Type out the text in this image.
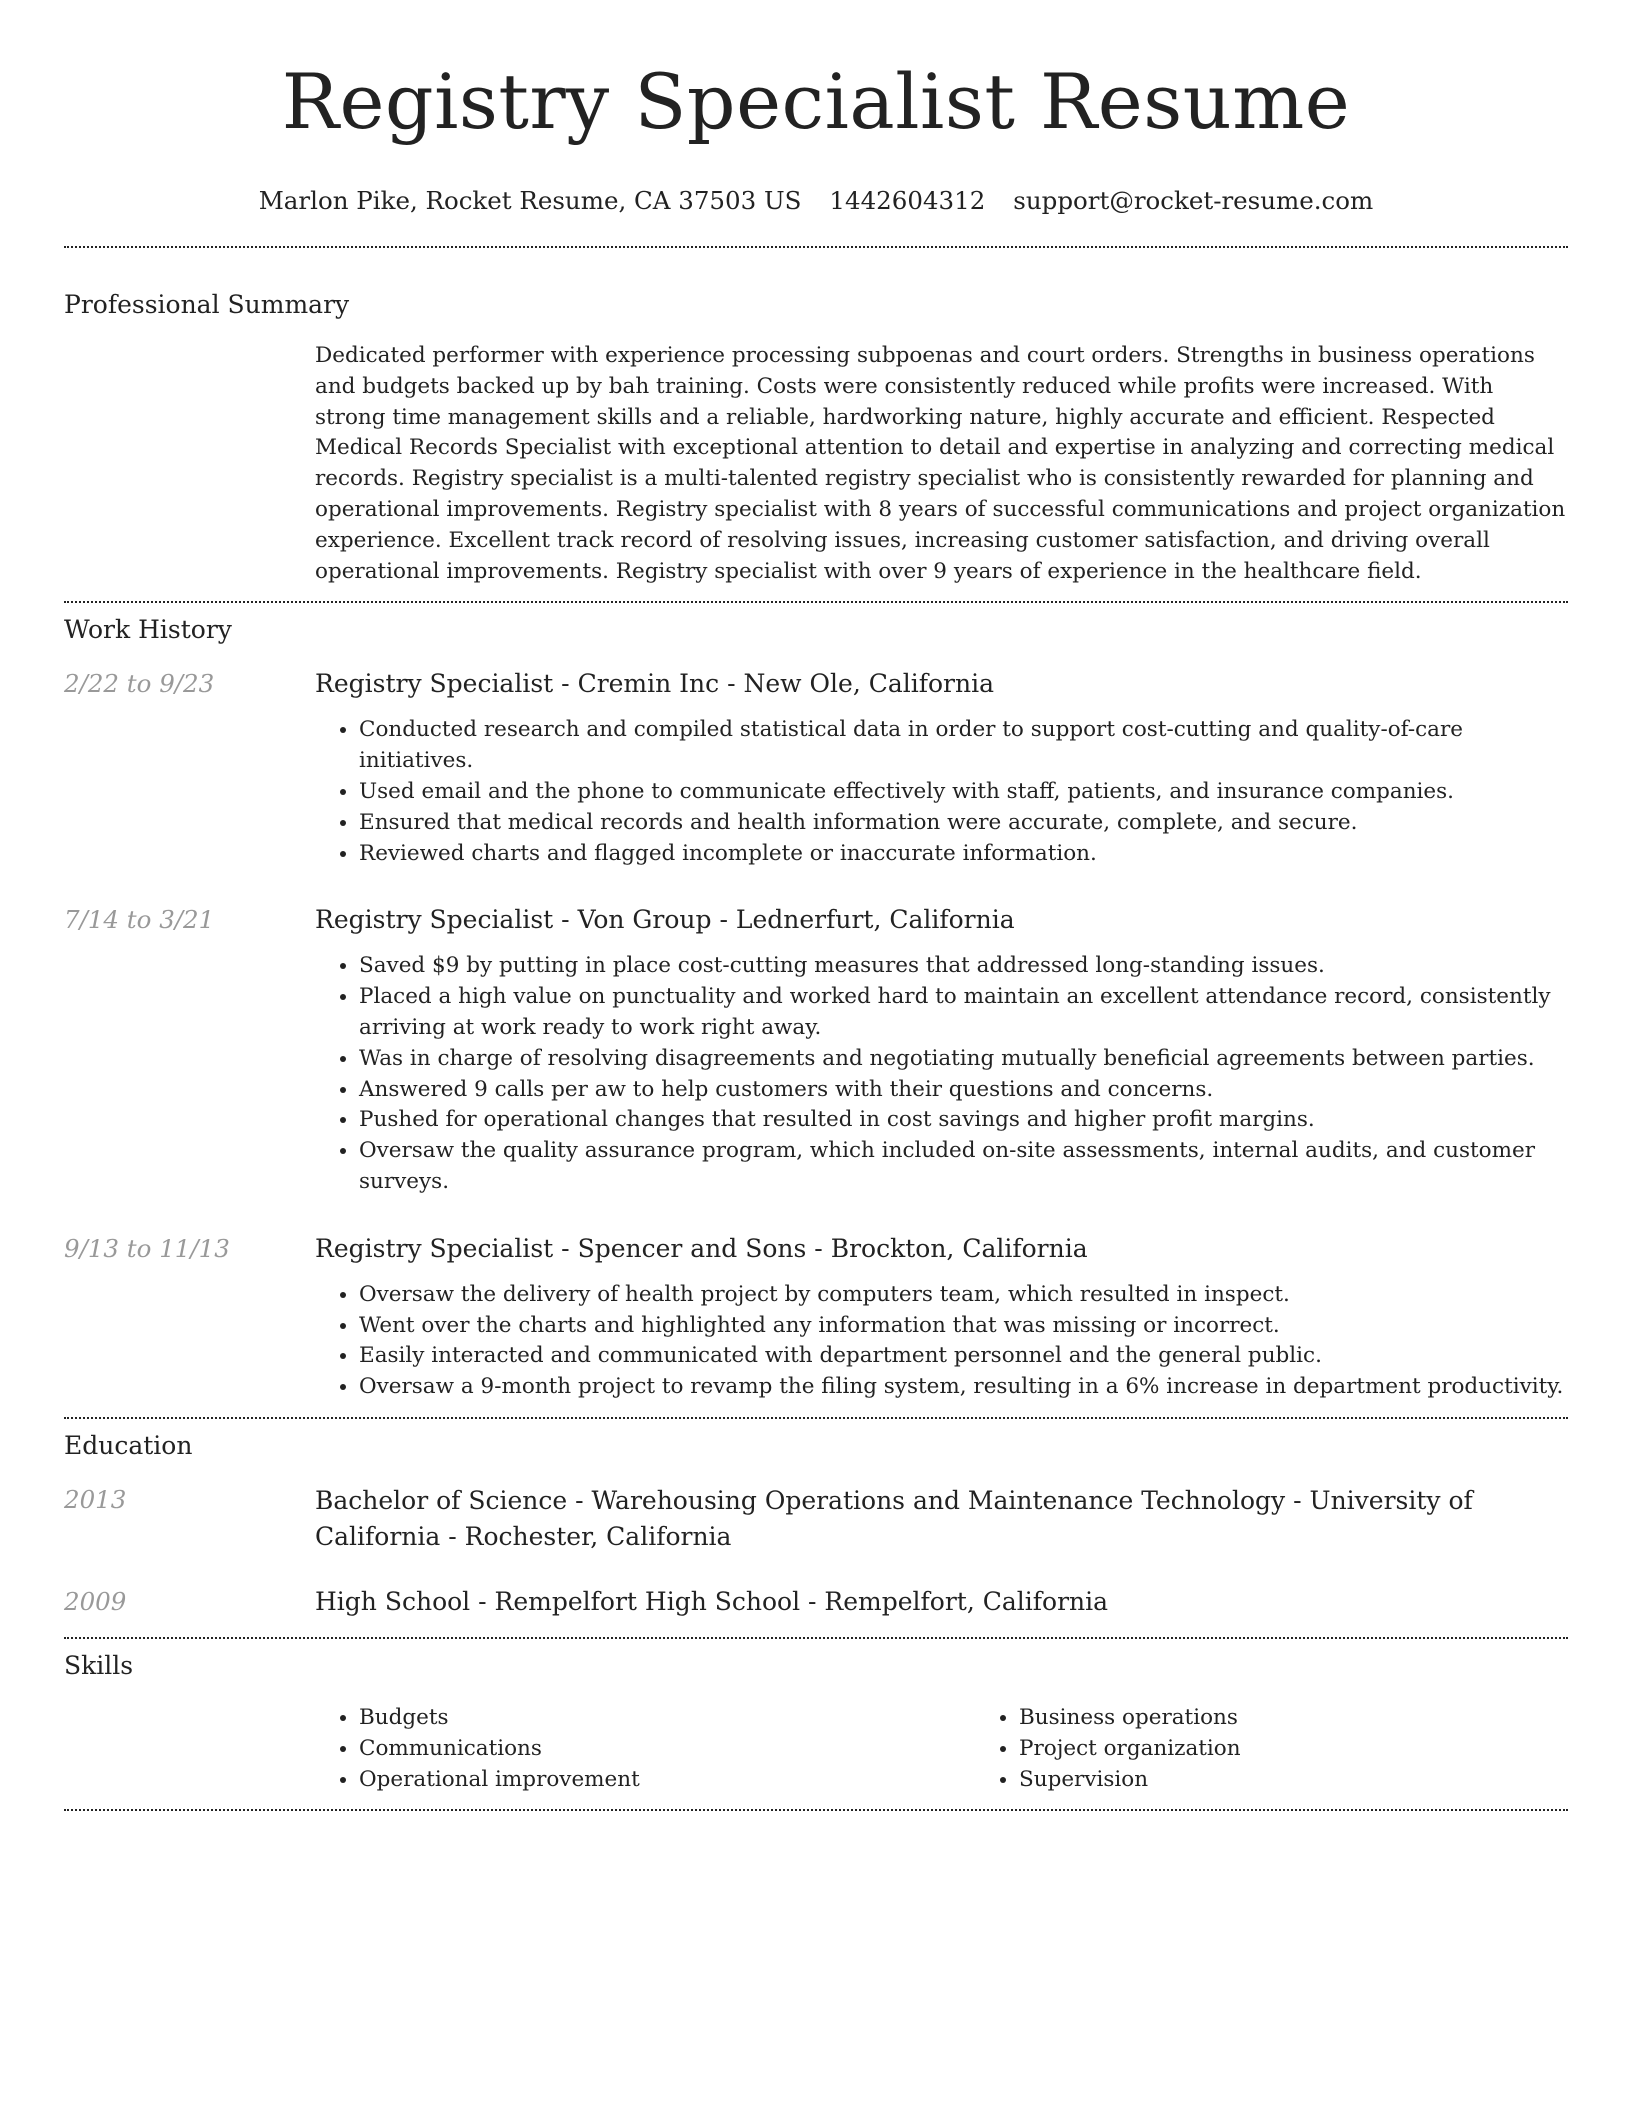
Registry Specialist Resume
Marlon Pike, Rocket Resume, CA 37503 US 1442604312 support@rocket-resume.com
Professional Summary

Dedicated performer with experience processing subpoenas and court orders. Strengths in business operations and budgets backed up by bah training. Costs were consistently reduced while profits were increased. With strong time management skills and a reliable, hardworking nature, highly accurate and efficient. Respected Medical Records Specialist with exceptional attention to detail and expertise in analyzing and correcting medical records. Registry specialist is a multi-talented registry specialist who is consistently rewarded for planning and operational improvements. Registry specialist with 8 years of successful communications and project organization experience. Excellent track record of resolving issues, increasing customer satisfaction, and driving overall operational improvements. Registry specialist with over 9 years of experience in the healthcare field.

Work History
2/22 to 9/23	Registry Specialist - Cremin Inc - New Ole, California
• Conducted research and compiled statistical data in order to support cost-cutting and quality-of-care initiatives.
• Used email and the phone to communicate effectively with staff, patients, and insurance companies.
• Ensured that medical records and health information were accurate, complete, and secure.
• Reviewed charts and flagged incomplete or inaccurate information.
7/14 to 3/21	Registry Specialist - Von Group - Lednerfurt, California
• Saved $9 by putting in place cost-cutting measures that addressed long-standing issues.
• Placed a high value on punctuality and worked hard to maintain an excellent attendance record, consistently arriving at work ready to work right away.
• Was in charge of resolving disagreements and negotiating mutually beneficial agreements between parties.
• Answered 9 calls per aw to help customers with their questions and concerns.
• Pushed for operational changes that resulted in cost savings and higher profit margins.
• Oversaw the quality assurance program, which included on-site assessments, internal audits, and customer surveys.
9/13 to 11/13	Registry Specialist - Spencer and Sons - Brockton, California
• Oversaw the delivery of health project by computers team, which resulted in inspect.
• Went over the charts and highlighted any information that was missing or incorrect.
• Easily interacted and communicated with department personnel and the general public.
• Oversaw a 9-month project to revamp the filing system, resulting in a 6% increase in department productivity.
Education
2013	Bachelor of Science - Warehousing Operations and Maintenance Technology - University of California - Rochester, California
2009	High School - Rempelfort High School - Rempelfort, California
Skills
• Budgets
• Communications
• Operational improvement
• Business operations
• Project organization
• Supervision
